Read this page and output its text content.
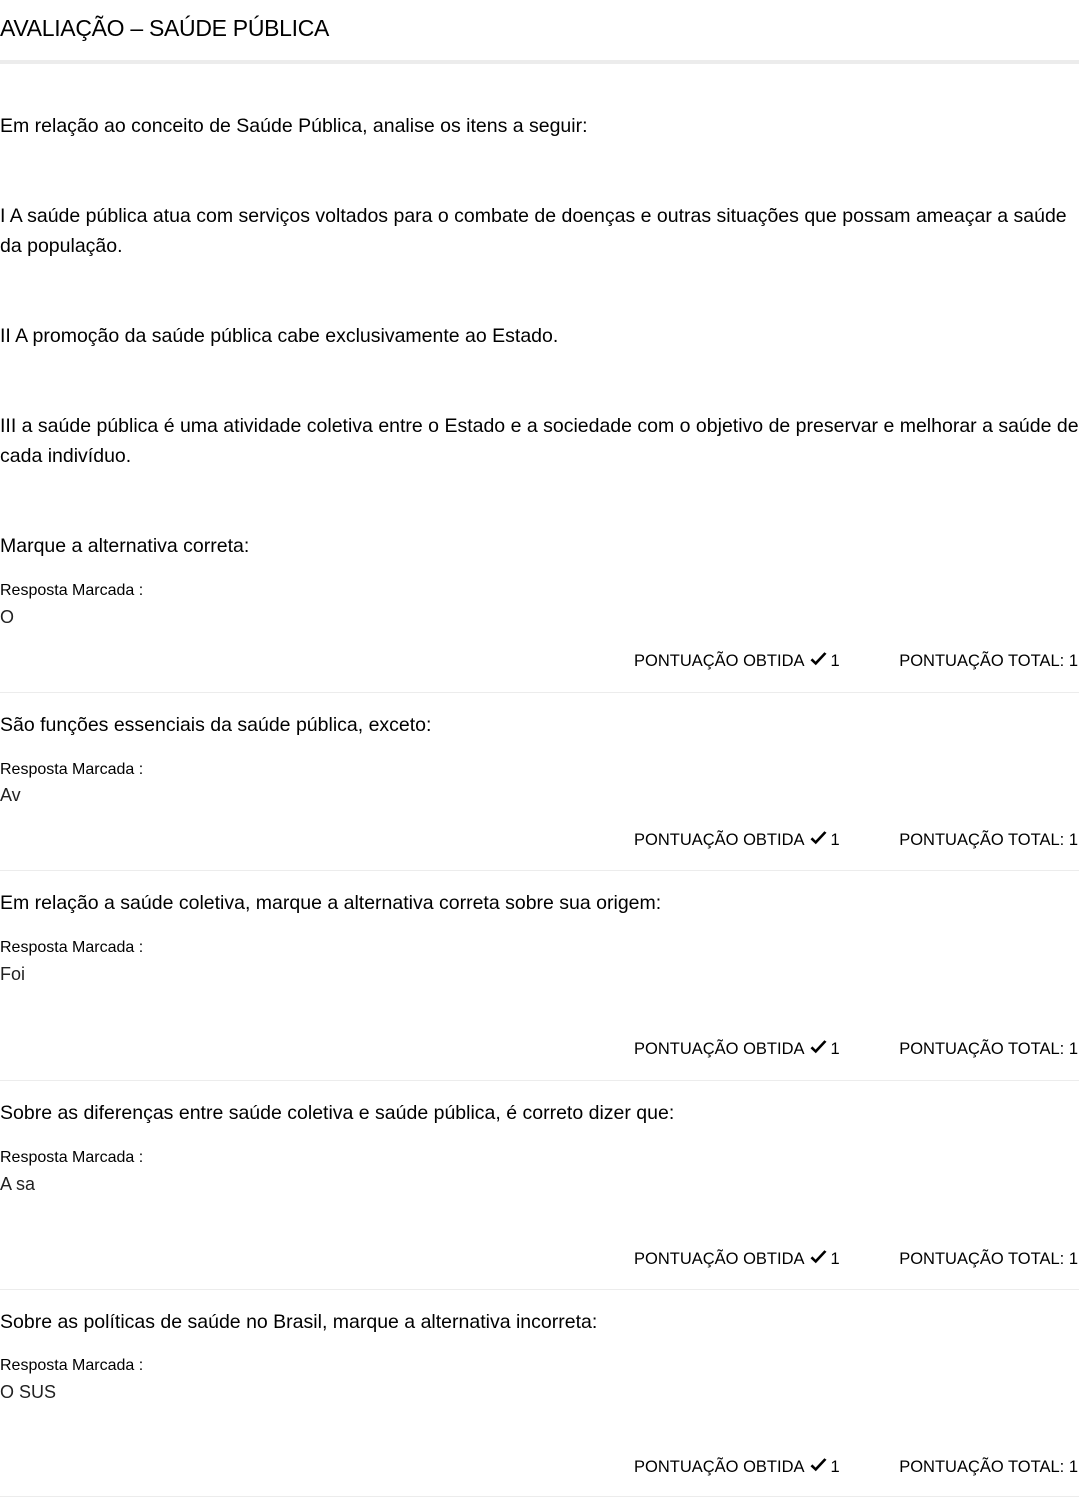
AVALIAÇÃO – SAÚDE PÚBLICA

Em relação ao conceito de Saúde Pública, analise os itens a seguir:

I A saúde pública atua com serviços voltados para o combate de doenças e outras situações que possam ameaçar a saúde da população.

II A promoção da saúde pública cabe exclusivamente ao Estado.

III a saúde pública é uma atividade coletiva entre o Estado e a sociedade com o objetivo de preservar e melhorar a saúde de cada indivíduo.

Marque a alternativa correta:

Resposta Marcada :
O
PONTUAÇÃO OBTIDA 1	PONTUAÇÃO TOTAL: 1

São funções essenciais da saúde pública, exceto:

Resposta Marcada :
Av
PONTUAÇÃO OBTIDA 1	PONTUAÇÃO TOTAL: 1

Em relação a saúde coletiva, marque a alternativa correta sobre sua origem:

Resposta Marcada :
Foi
PONTUAÇÃO OBTIDA 1	PONTUAÇÃO TOTAL: 1

Sobre as diferenças entre saúde coletiva e saúde pública, é correto dizer que:

Resposta Marcada :
A sa
PONTUAÇÃO OBTIDA 1	PONTUAÇÃO TOTAL: 1

Sobre as políticas de saúde no Brasil, marque a alternativa incorreta:

Resposta Marcada :
O SUS
PONTUAÇÃO OBTIDA 1	PONTUAÇÃO TOTAL: 1
